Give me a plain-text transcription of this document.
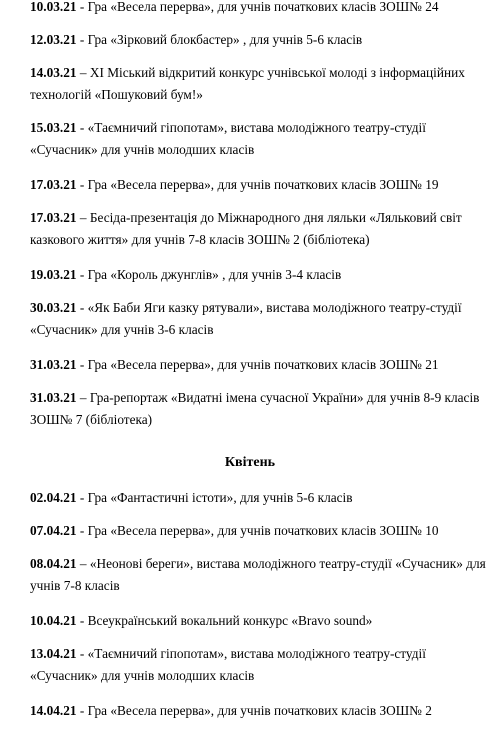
10.03.21 - Гра «Весела перерва», для учнів початкових класів ЗОШ№ 24

12.03.21 - Гра «Зірковий блокбастер» , для учнів 5-6 класів

14.03.21 – ХІ Міський відкритий конкурс учнівської молоді з інформаційних технологій «Пошуковий бум!»

15.03.21 - «Таємничий гіпопотам», вистава молодіжного театру-студії «Сучасник» для учнів молодших класів

17.03.21 - Гра «Весела перерва», для учнів початкових класів ЗОШ№ 19

17.03.21 – Бесіда-презентація до Міжнародного дня ляльки «Ляльковий світ казкового життя» для учнів 7-8 класів ЗОШ№ 2 (бібліотека)

19.03.21 - Гра «Король джунглів» , для учнів 3-4 класів

30.03.21 - «Як Баби Яги казку рятували», вистава молодіжного театру-студії «Сучасник» для учнів 3-6 класів

31.03.21 - Гра «Весела перерва», для учнів початкових класів ЗОШ№ 21

31.03.21 – Гра-репортаж «Видатні імена сучасної України» для учнів 8-9 класів ЗОШ№ 7 (бібліотека)

Квітень

02.04.21 - Гра «Фантастичні істоти», для учнів 5-6 класів

07.04.21 - Гра «Весела перерва», для учнів початкових класів ЗОШ№ 10

08.04.21 – «Неонові береги», вистава молодіжного театру-студії «Сучасник» для учнів 7-8 класів

10.04.21 - Всеукраїнський вокальний конкурс «Bravo sound»

13.04.21 - «Таємничий гіпопотам», вистава молодіжного театру-студії «Сучасник» для учнів молодших класів

14.04.21 - Гра «Весела перерва», для учнів початкових класів ЗОШ№ 2
